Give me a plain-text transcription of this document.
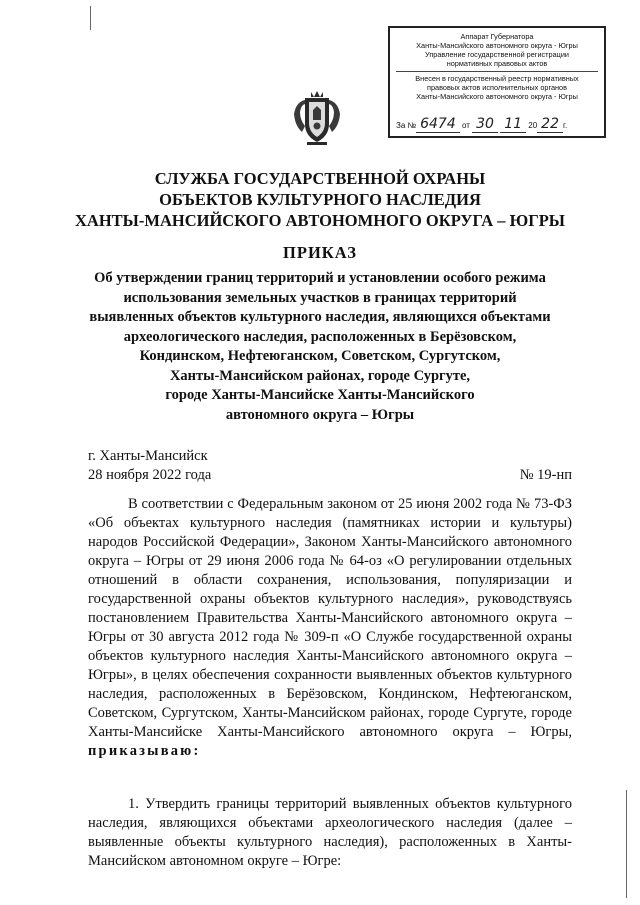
Аппарат Губернатора
Ханты-Мансийского автономного округа - Югры
Управление государственной регистрации
нормативных правовых актов
Внесен в государственный реестр нормативных
правовых актов исполнительных органов
Ханты-Мансийского автономного округа - Югры
За № 6474 от 30 11 20 22 г.
СЛУЖБА ГОСУДАРСТВЕННОЙ ОХРАНЫ
ОБЪЕКТОВ КУЛЬТУРНОГО НАСЛЕДИЯ
ХАНТЫ-МАНСИЙСКОГО АВТОНОМНОГО ОКРУГА – ЮГРЫ
ПРИКАЗ
Об утверждении границ территорий и установлении особого режима
использования земельных участков в границах территорий
выявленных объектов культурного наследия, являющихся объектами
археологического наследия, расположенных в Берёзовском,
Кондинском, Нефтеюганском, Советском, Сургутском,
Ханты-Мансийском районах, городе Сургуте,
городе Ханты-Мансийске Ханты-Мансийского
автономного округа – Югры
г. Ханты-Мансийск
28 ноября 2022 года	№ 19-нп
В соответствии с Федеральным законом от 25 июня 2002 года № 73-ФЗ «Об объектах культурного наследия (памятниках истории и культуры) народов Российской Федерации», Законом Ханты-Мансийского автономного округа – Югры от 29 июня 2006 года № 64-оз «О регулировании отдельных отношений в области сохранения, использования, популяризации и государственной охраны объектов культурного наследия», руководствуясь постановлением Правительства Ханты-Мансийского автономного округа – Югры от 30 августа 2012 года № 309-п «О Службе государственной охраны объектов культурного наследия Ханты-Мансийского автономного округа – Югры», в целях обеспечения сохранности выявленных объектов культурного наследия, расположенных в Берёзовском, Кондинском, Нефтеюганском, Советском, Сургутском, Ханты-Мансийском районах, городе Сургуте, городе Ханты-Мансийске Ханты-Мансийского автономного округа – Югры, приказываю:
1. Утвердить границы территорий выявленных объектов культурного наследия, являющихся объектами археологического наследия (далее – выявленные объекты культурного наследия), расположенных в Ханты-Мансийском автономном округе – Югре:
